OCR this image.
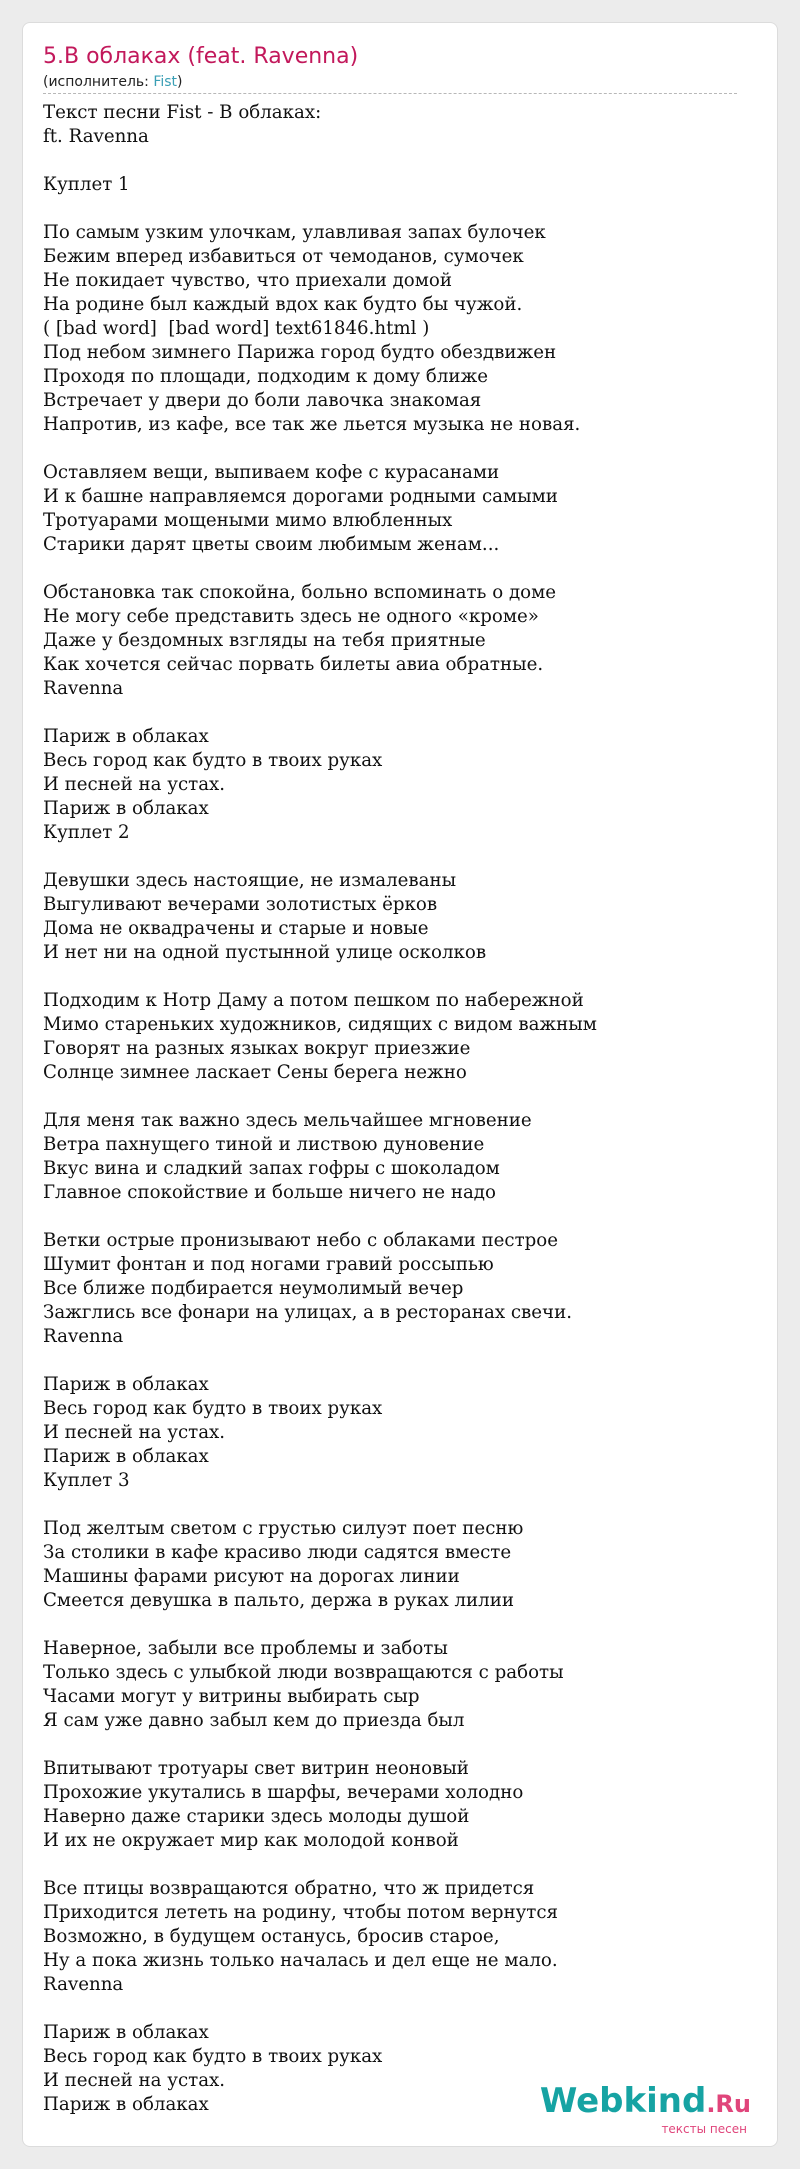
5.В облаках (feat. Ravenna)
(исполнитель: Fist)
Текст песни Fist - В облаках:
ft. Ravenna
Куплет 1
По самым узким улочкам, улавливая запах булочек
Бежим вперед избавиться от чемоданов, сумочек
Не покидает чувство, что приехали домой
На родине был каждый вдох как будто бы чужой.
( [bad word]  [bad word] text61846.html )
Под небом зимнего Парижа город будто обездвижен
Проходя по площади, подходим к дому ближе
Встречает у двери до боли лавочка знакомая
Напротив, из кафе, все так же льется музыка не новая.
Оставляем вещи, выпиваем кофе с курасанами
И к башне направляемся дорогами родными самыми
Тротуарами мощеными мимо влюбленных
Старики дарят цветы своим любимым женам...
Обстановка так спокойна, больно вспоминать о доме
Не могу себе представить здесь не одного «кроме»
Даже у бездомных взгляды на тебя приятные
Как хочется сейчас порвать билеты авиа обратные.
Ravenna
Париж в облаках
Весь город как будто в твоих руках
И песней на устах.
Париж в облаках
Куплет 2
Девушки здесь настоящие, не измалеваны
Выгуливают вечерами золотистых ёрков
Дома не оквадрачены и старые и новые
И нет ни на одной пустынной улице осколков
Подходим к Нотр Даму а потом пешком по набережной
Мимо старeньких художников, сидящих с видом важным
Говорят на разных языках вокруг приезжие
Солнце зимнее ласкает Сены берега нежно
Для меня так важно здесь мельчайшее мгновение
Ветра пахнущего тиной и листвою дуновение
Вкус вина и сладкий запах гофры с шоколадом
Главное спокойствие и больше ничего не надо
Ветки острые пронизывают небо с облаками пестрое
Шумит фонтан и под ногами гравий россыпью
Все ближе подбирается неумолимый вечер
Зажглись все фонари на улицах, а в ресторанах свечи.
Ravenna
Париж в облаках
Весь город как будто в твоих руках
И песней на устах.
Париж в облаках
Куплет 3
Под желтым светом с грустью силуэт поет песню
За столики в кафе красиво люди садятся вместе
Машины фарами рисуют на дорогах линии
Смеется девушка в пальто, держа в руках лилии
Наверное, забыли все проблемы и заботы
Только здесь с улыбкой люди возвращаются с работы
Часами могут у витрины выбирать сыр
Я сам уже давно забыл кем до приезда был
Впитывают тротуары свет витрин неоновый
Прохожие укутались в шарфы, вечерами холодно
Наверно даже старики здесь молоды душой
И их не окружает мир как молодой конвой
Все птицы возвращаются обратно, что ж придется
Приходится лететь на родину, чтобы потом вернутся
Возможно, в будущем останусь, бросив старое,
Ну а пока жизнь только началась и дел еще не мало.
Ravenna
Париж в облаках
Весь город как будто в твоих руках
И песней на устах.
Париж в облаках	Webkind.Ru
тексты песен
